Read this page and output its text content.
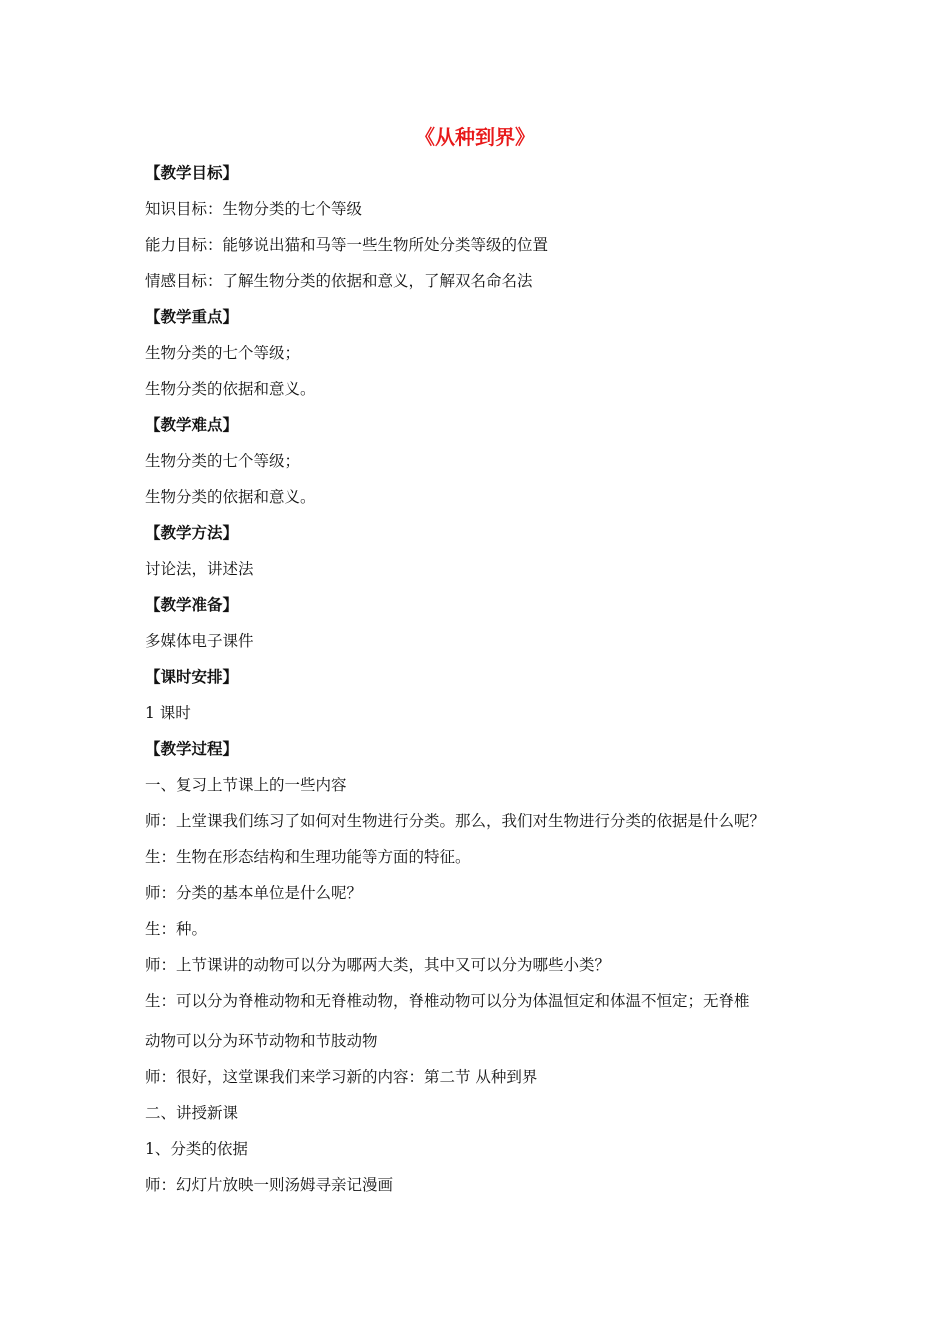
《从种到界》
【教学目标】
知识目标：生物分类的七个等级
能力目标：能够说出猫和马等一些生物所处分类等级的位置
情感目标：了解生物分类的依据和意义，了解双名命名法
【教学重点】
生物分类的七个等级；
生物分类的依据和意义。
【教学难点】
生物分类的七个等级；
生物分类的依据和意义。
【教学方法】
讨论法，讲述法
【教学准备】
多媒体电子课件
【课时安排】
1 课时
【教学过程】
一、复习上节课上的一些内容
师：上堂课我们练习了如何对生物进行分类。那么，我们对生物进行分类的依据是什么呢？
生：生物在形态结构和生理功能等方面的特征。
师：分类的基本单位是什么呢？
生：种。
师：上节课讲的动物可以分为哪两大类，其中又可以分为哪些小类？
生：可以分为脊椎动物和无脊椎动物，脊椎动物可以分为体温恒定和体温不恒定；无脊椎
动物可以分为环节动物和节肢动物
师：很好，这堂课我们来学习新的内容：第二节 从种到界
二、讲授新课
1、分类的依据
师：幻灯片放映一则汤姆寻亲记漫画
